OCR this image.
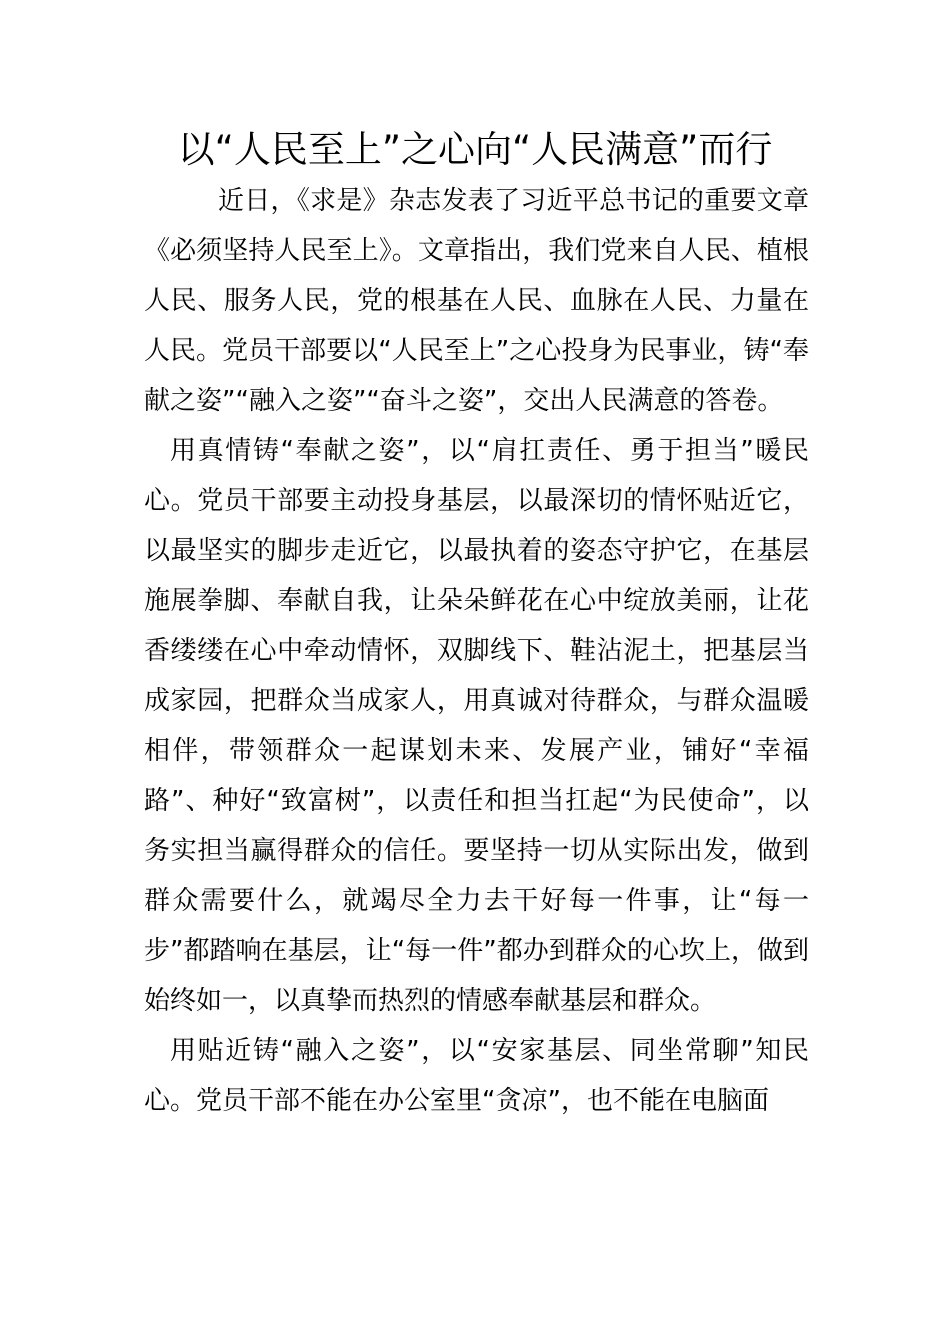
以“人民至上”之心向“人民满意”而行

近日，《求是》杂志发表了习近平总书记的重要文章《必须坚持人民至上》。文章指出，我们党来自人民、植根人民、服务人民，党的根基在人民、血脉在人民、力量在人民。党员干部要以“人民至上”之心投身为民事业，铸“奉献之姿”“融入之姿”“奋斗之姿”，交出人民满意的答卷。

用真情铸“奉献之姿”，以“肩扛责任、勇于担当”暖民心。党员干部要主动投身基层，以最深切的情怀贴近它，以最坚实的脚步走近它，以最执着的姿态守护它，在基层施展拳脚、奉献自我，让朵朵鲜花在心中绽放美丽，让花香缕缕在心中牵动情怀，双脚线下、鞋沾泥土，把基层当成家园，把群众当成家人，用真诚对待群众，与群众温暖相伴，带领群众一起谋划未来、发展产业，铺好“幸福路”、种好“致富树”，以责任和担当扛起“为民使命”，以务实担当赢得群众的信任。要坚持一切从实际出发，做到群众需要什么，就竭尽全力去干好每一件事，让“每一步”都踏响在基层，让“每一件”都办到群众的心坎上，做到始终如一，以真挚而热烈的情感奉献基层和群众。

用贴近铸“融入之姿”，以“安家基层、同坐常聊”知民心。党员干部不能在办公室里“贪凉”，也不能在电脑面
